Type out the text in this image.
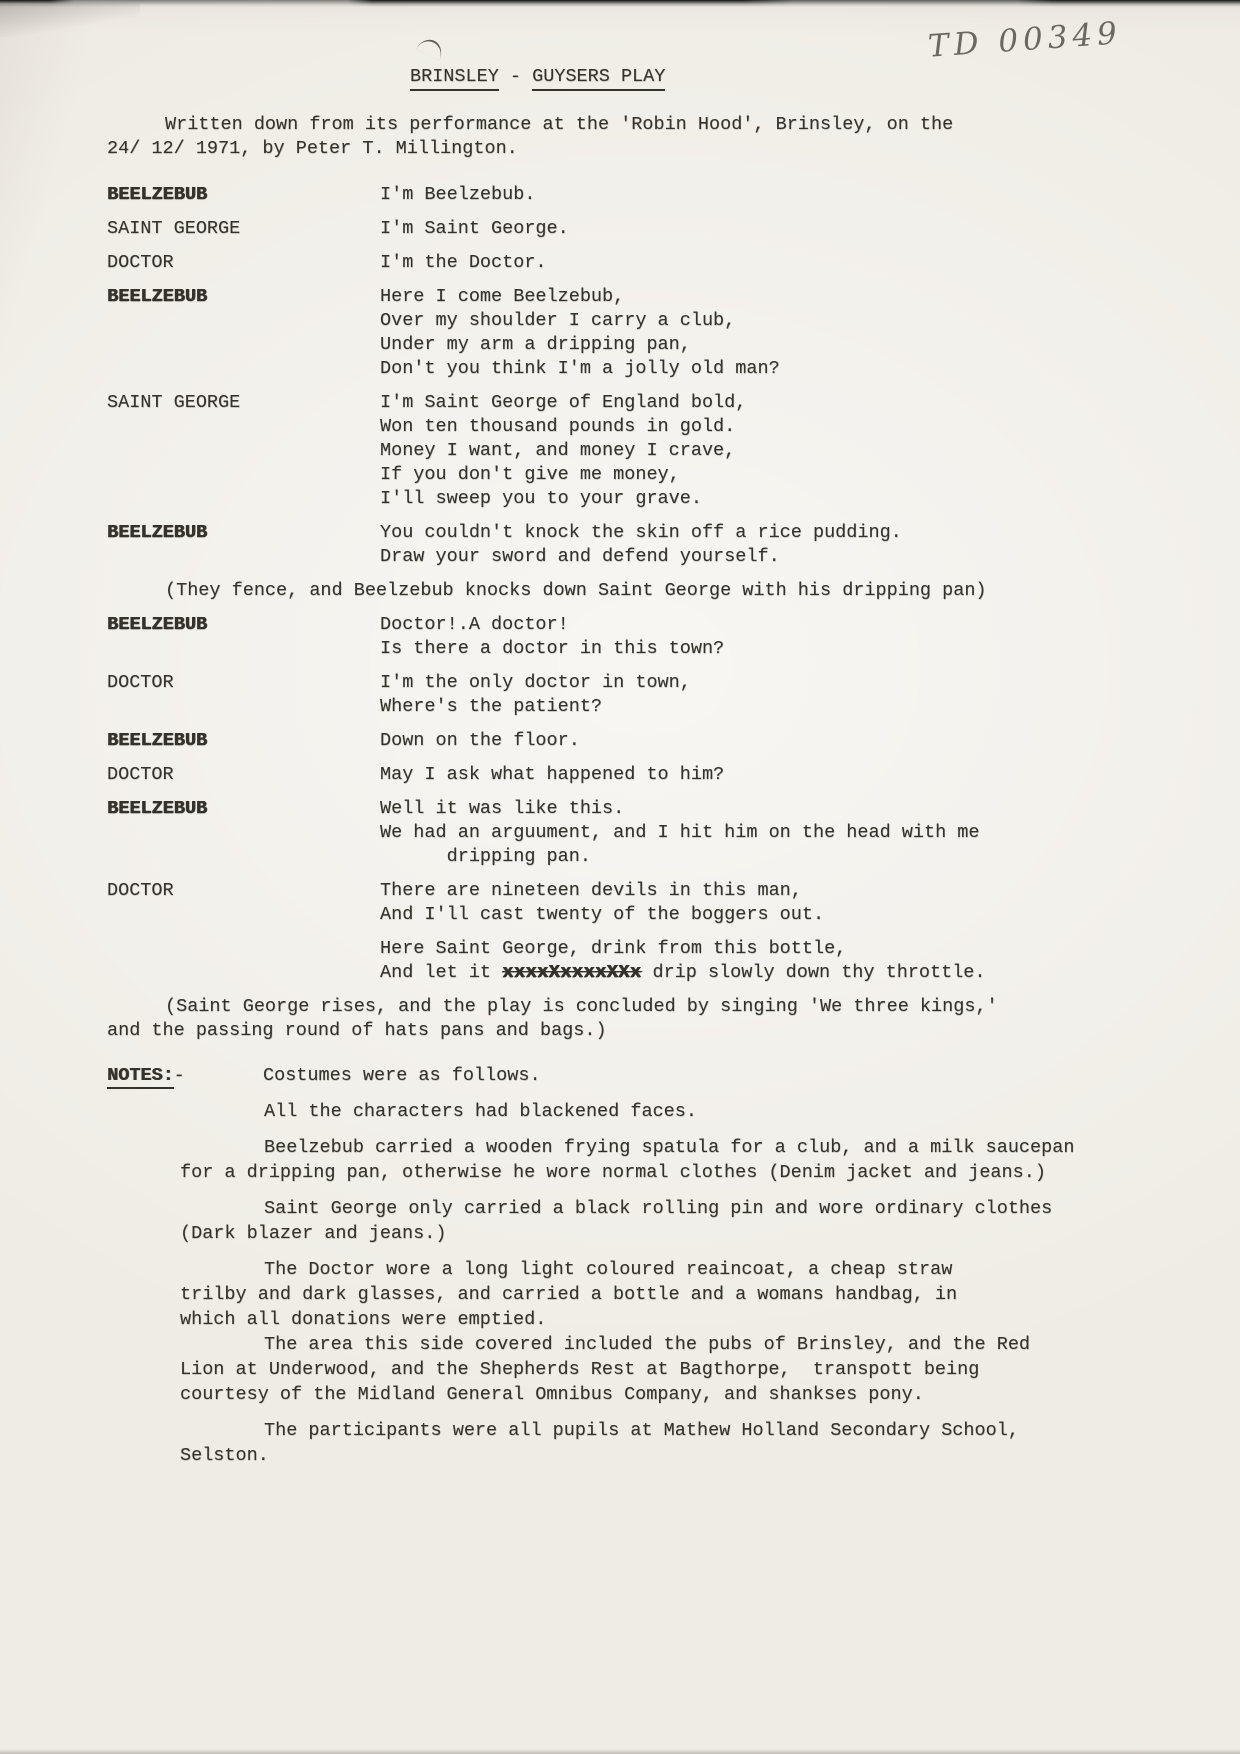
TD 00349
BRINSLEY - GUYSERS PLAY
Written down from its performance at the 'Robin Hood', Brinsley, on the
24/ 12/ 1971, by Peter T. Millington.
BEELZEBUB	I'm Beelzebub.
SAINT GEORGE	I'm Saint George.
DOCTOR	I'm the Doctor.
BEELZEBUB	Here I come Beelzebub,
Over my shoulder I carry a club,
Under my arm a dripping pan,
Don't you think I'm a jolly old man?
SAINT GEORGE	I'm Saint George of England bold,
Won ten thousand pounds in gold.
Money I want, and money I crave,
If you don't give me money,
I'll sweep you to your grave.
BEELZEBUB	You couldn't knock the skin off a rice pudding.
Draw your sword and defend yourself.
(They fence, and Beelzebub knocks down Saint George with his dripping pan)
BEELZEBUB	Doctor!.A doctor!
Is there a doctor in this town?
DOCTOR	I'm the only doctor in town,
Where's the patient?
BEELZEBUB	Down on the floor.
DOCTOR	May I ask what happened to him?
BEELZEBUB	Well it was like this.
We had an arguument, and I hit him on the head with me
dripping pan.
DOCTOR	There are nineteen devils in this man,
And I'll cast twenty of the boggers out.
Here Saint George, drink from this bottle,
And let it xxxxXxxxxXXx drip slowly down thy throttle.
(Saint George rises, and the play is concluded by singing 'We three kings,'
and the passing round of hats pans and bags.)
NOTES:-	Costumes were as follows.
All the characters had blackened faces.
Beelzebub carried a wooden frying spatula for a club, and a milk saucepan
for a dripping pan, otherwise he wore normal clothes (Denim jacket and jeans.)
Saint George only carried a black rolling pin and wore ordinary clothes
(Dark blazer and jeans.)
The Doctor wore a long light coloured reaincoat, a cheap straw
trilby and dark glasses, and carried a bottle and a womans handbag, in
which all donations were emptied.
The area this side covered included the pubs of Brinsley, and the Red
Lion at Underwood, and the Shepherds Rest at Bagthorpe,  transpott being
courtesy of the Midland General Omnibus Company, and shankses pony.
The participants were all pupils at Mathew Holland Secondary School,
Selston.
